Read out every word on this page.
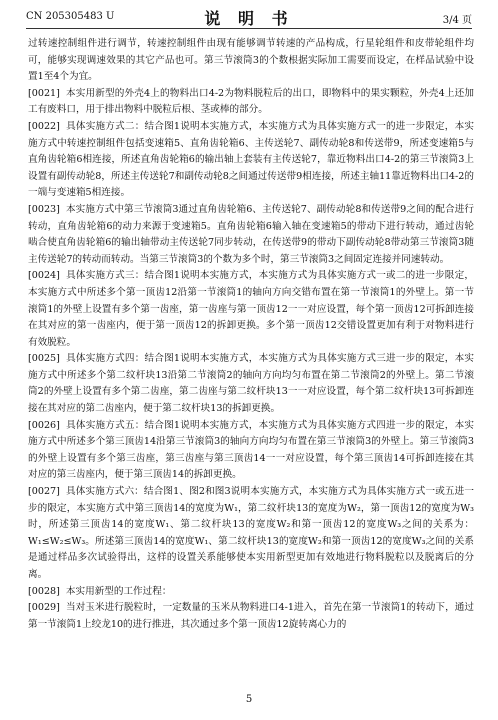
CN 205305483 U	说 明 书	3/4 页

过转速控制组件进行调节，转速控制组件由现有能够调节转速的产品构成，行星轮组件和皮带轮组件均可，能够实现调速效果的其它产品也可。第三节滚筒3的个数根据实际加工需要而设定，在样品试验中设置1至4个为宜。

[0021] 本实用新型的外壳4上的物料出口4-2为物料脱粒后的出口，即物料中的果实颗粒，外壳4上还加工有废料口，用于排出物料中脱粒后根、茎或棒的部分。

[0022] 具体实施方式二：结合图1说明本实施方式，本实施方式为具体实施方式一的进一步限定，本实施方式中转速控制组件包括变速箱5、直角齿轮箱6、主传送轮7、副传动轮8和传送带9，所述变速箱5与直角齿轮箱6相连接，所述直角齿轮箱6的输出轴上套装有主传送轮7，靠近物料出口4-2的第三节滚筒3上设置有副传动轮8，所述主传送轮7和副传动轮8之间通过传送带9相连接，所述主轴11靠近物料出口4-2的一端与变速箱5相连接。

[0023] 本实施方式中第三节滚筒3通过直角齿轮箱6、主传送轮7、副传动轮8和传送带9之间的配合进行转动，直角齿轮箱6的动力来源于变速箱5。直角齿轮箱6输入轴在变速箱5的带动下进行转动，通过齿轮啮合使直角齿轮箱6的输出轴带动主传送轮7同步转动，在传送带9的带动下副传动轮8带动第三节滚筒3随主传送轮7的转动而转动。当第三节滚筒3的个数为多个时，第三节滚筒3之间固定连接并同速转动。

[0024] 具体实施方式三：结合图1说明本实施方式，本实施方式为具体实施方式一或二的进一步限定，本实施方式中所述多个第一顶齿12沿第一节滚筒1的轴向方向交错布置在第一节滚筒1的外壁上。第一节滚筒1的外壁上设置有多个第一齿座，第一齿座与第一顶齿12一一对应设置，每个第一顶齿12可拆卸连接在其对应的第一齿座内，便于第一顶齿12的拆卸更换。多个第一顶齿12交错设置更加有利于对物料进行有效脱粒。

[0025] 具体实施方式四：结合图1说明本实施方式，本实施方式为具体实施方式三进一步的限定，本实施方式中所述多个第二纹杆块13沿第二节滚筒2的轴向方向均匀布置在第二节滚筒2的外壁上。第二节滚筒2的外壁上设置有多个第二齿座，第二齿座与第二纹杆块13一一对应设置，每个第二纹杆块13可拆卸连接在其对应的第二齿座内，便于第二纹杆块13的拆卸更换。

[0026] 具体实施方式五：结合图1说明本实施方式，本实施方式为具体实施方式四进一步的限定，本实施方式中所述多个第三顶齿14沿第三节滚筒3的轴向方向均匀布置在第三节滚筒3的外壁上。第三节滚筒3的外壁上设置有多个第三齿座，第三齿座与第三顶齿14一一对应设置，每个第三顶齿14可拆卸连接在其对应的第三齿座内，便于第三顶齿14的拆卸更换。

[0027] 具体实施方式六：结合图1、图2和图3说明本实施方式，本实施方式为具体实施方式一或五进一步的限定，本实施方式中第三顶齿14的宽度为W₁，第二纹杆块13的宽度为W₂，第一顶齿12的宽度为W₃时，所述第三顶齿14的宽度W₁、第二纹杆块13的宽度W₂和第一顶齿12的宽度W₃之间的关系为：W₁≤W₂≤W₃。所述第三顶齿14的宽度W₁、第二纹杆块13的宽度W₂和第一顶齿12的宽度W₃之间的关系是通过样品多次试验得出，这样的设置关系能够使本实用新型更加有效地进行物料脱粒以及脱离后的分离。

[0028] 本实用新型的工作过程：

[0029] 当对玉米进行脱粒时，一定数量的玉米从物料进口4-1进入，首先在第一节滚筒1的转动下，通过第一节滚筒1上绞龙10的进行推进，其次通过多个第一顶齿12旋转离心力的

5
